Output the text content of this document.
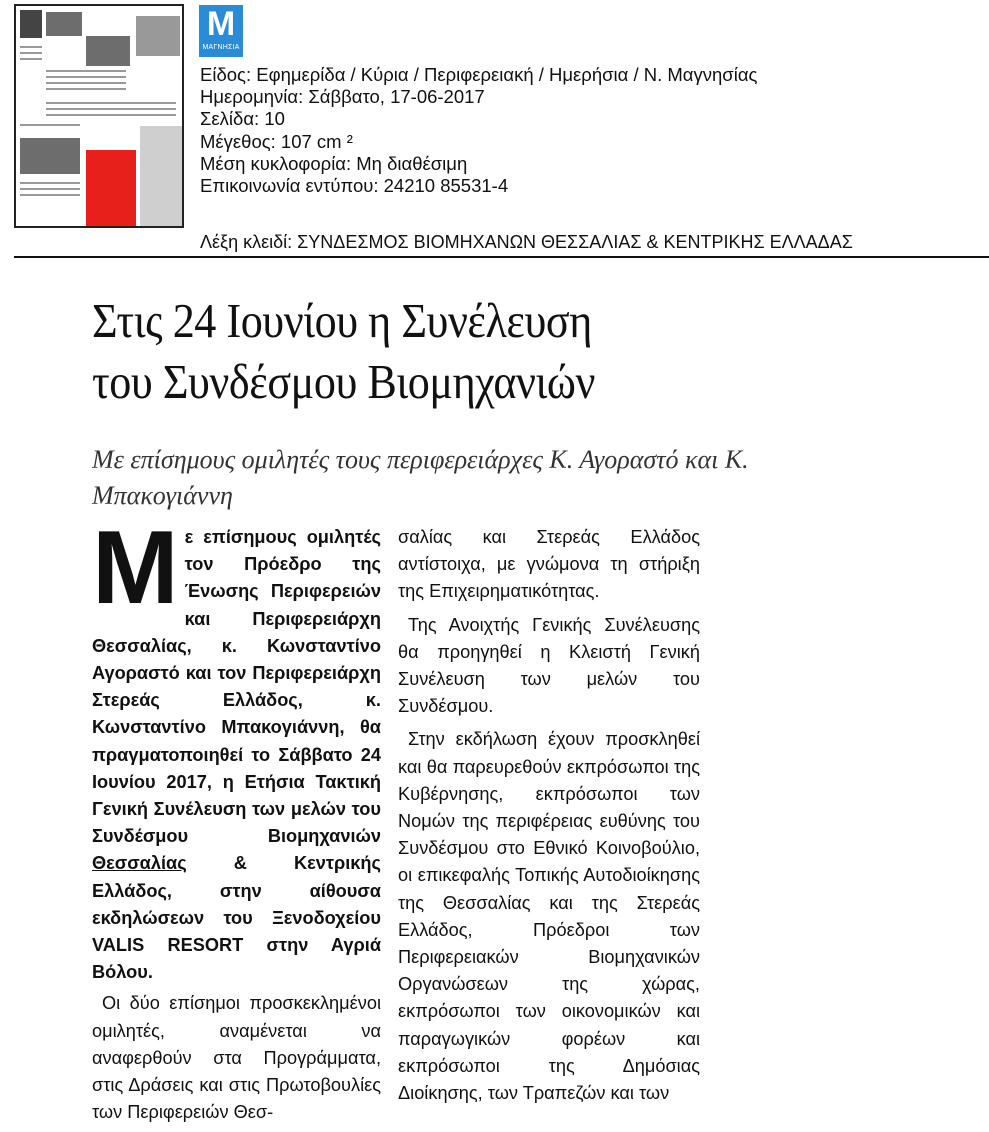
M
ΜΑΓΝΗΣΙΑ
Είδος: Εφημερίδα / Κύρια / Περιφερειακή / Ημερήσια / Ν. Μαγνησίας
Ημερομηνία: Σάββατο, 17-06-2017
Σελίδα: 10
Μέγεθος: 107 cm ²
Μέση κυκλοφορία: Μη διαθέσιμη
Επικοινωνία εντύπου: 24210 85531-4
Λέξη κλειδί: ΣΥΝΔΕΣΜΟΣ ΒΙΟΜΗΧΑΝΩΝ ΘΕΣΣΑΛΙΑΣ & ΚΕΝΤΡΙΚΗΣ ΕΛΛΑΔΑΣ
Στις 24 Ιουνίου η Συνέλευση
του Συνδέσμου Βιομηχανιών
Με επίσημους ομιλητές τους περιφερειάρχες Κ. Αγοραστό και Κ. Μπακογιάννη
Μ ε επίσημους ομιλητές τον Πρόεδρο της Ένωσης Περιφερειών και Περιφερειάρχη Θεσσαλίας, κ. Κωνσταντίνο Αγοραστό και τον Περιφερειάρχη Στερεάς Ελλάδος, κ. Κωνσταντίνο Μπακογιάννη, θα πραγματοποιηθεί το Σάββατο 24 Ιουνίου 2017, η Ετήσια Τακτική Γενική Συνέλευση των μελών του Συνδέσμου Βιομηχανιών Θεσσαλίας & Κεντρικής Ελλάδος, στην αίθουσα εκδηλώσεων του Ξενοδοχείου VALIS RESORT στην Αγριά Βόλου.

Οι δύο επίσημοι προσκεκλημένοι ομιλητές, αναμένεται να αναφερθούν στα Προγράμματα, στις Δράσεις και στις Πρωτοβουλίες των Περιφερειών Θεσ-

σαλίας και Στερεάς Ελλάδος αντίστοιχα, με γνώμονα τη στήριξη της Επιχειρηματικότητας.

Της Ανοιχτής Γενικής Συνέλευσης θα προηγηθεί η Κλειστή Γενική Συνέλευση των μελών του Συνδέσμου.

Στην εκδήλωση έχουν προσκληθεί και θα παρευρεθούν εκπρόσωποι της Κυβέρνησης, εκπρόσωποι των Νομών της περιφέρειας ευθύνης του Συνδέσμου στο Εθνικό Κοινοβούλιο, οι επικεφαλής Τοπικής Αυτοδιοίκησης της Θεσσαλίας και της Στερεάς Ελλάδος, Πρόεδροι των Περιφερειακών Βιομηχανικών Οργανώσεων της χώρας, εκπρόσωποι των οικονομικών και παραγωγικών φορέων και εκπρόσωποι της Δημόσιας Διοίκησης, των Τραπεζών και των
